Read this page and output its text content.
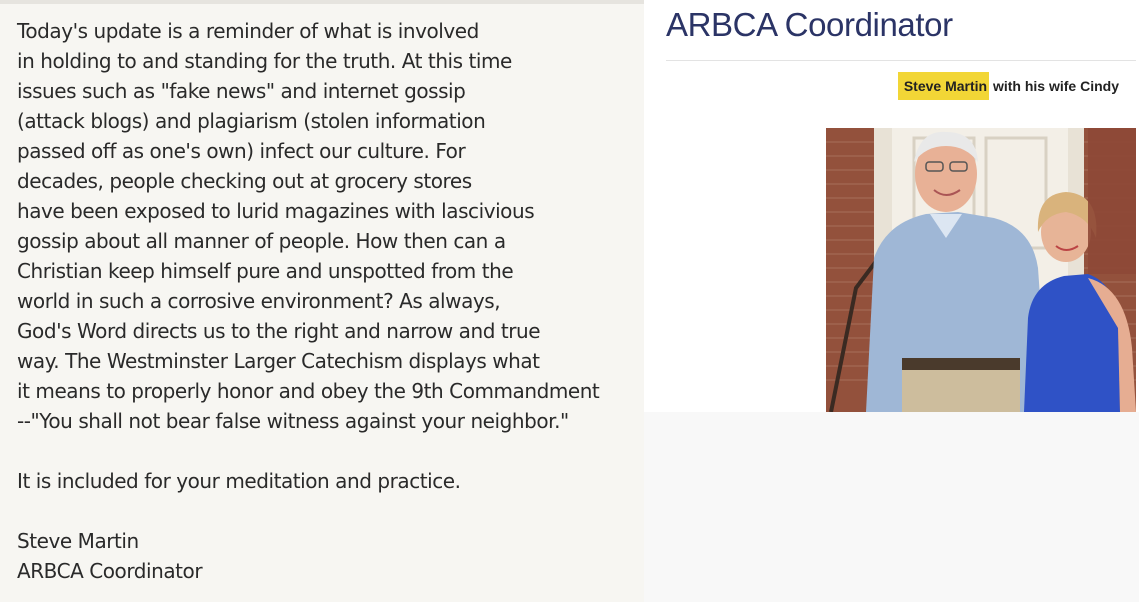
Today's update is a reminder of what is involved
in holding to and standing for the truth. At this time
issues such as "fake news" and internet gossip
(attack blogs) and plagiarism (stolen information
passed off as one's own) infect our culture. For
decades, people checking out at grocery stores
have been exposed to lurid magazines with lascivious
gossip about all manner of people. How then can a
Christian keep himself pure and unspotted from the
world in such a corrosive environment? As always,
God's Word directs us to the right and narrow and true
way. The Westminster Larger Catechism displays what
it means to properly honor and obey the 9th Commandment
--"You shall not bear false witness against your neighbor."
It is included for your meditation and practice.
Steve Martin
ARBCA Coordinator
ARBCA Coordinator
Steve Martin with his wife Cindy
